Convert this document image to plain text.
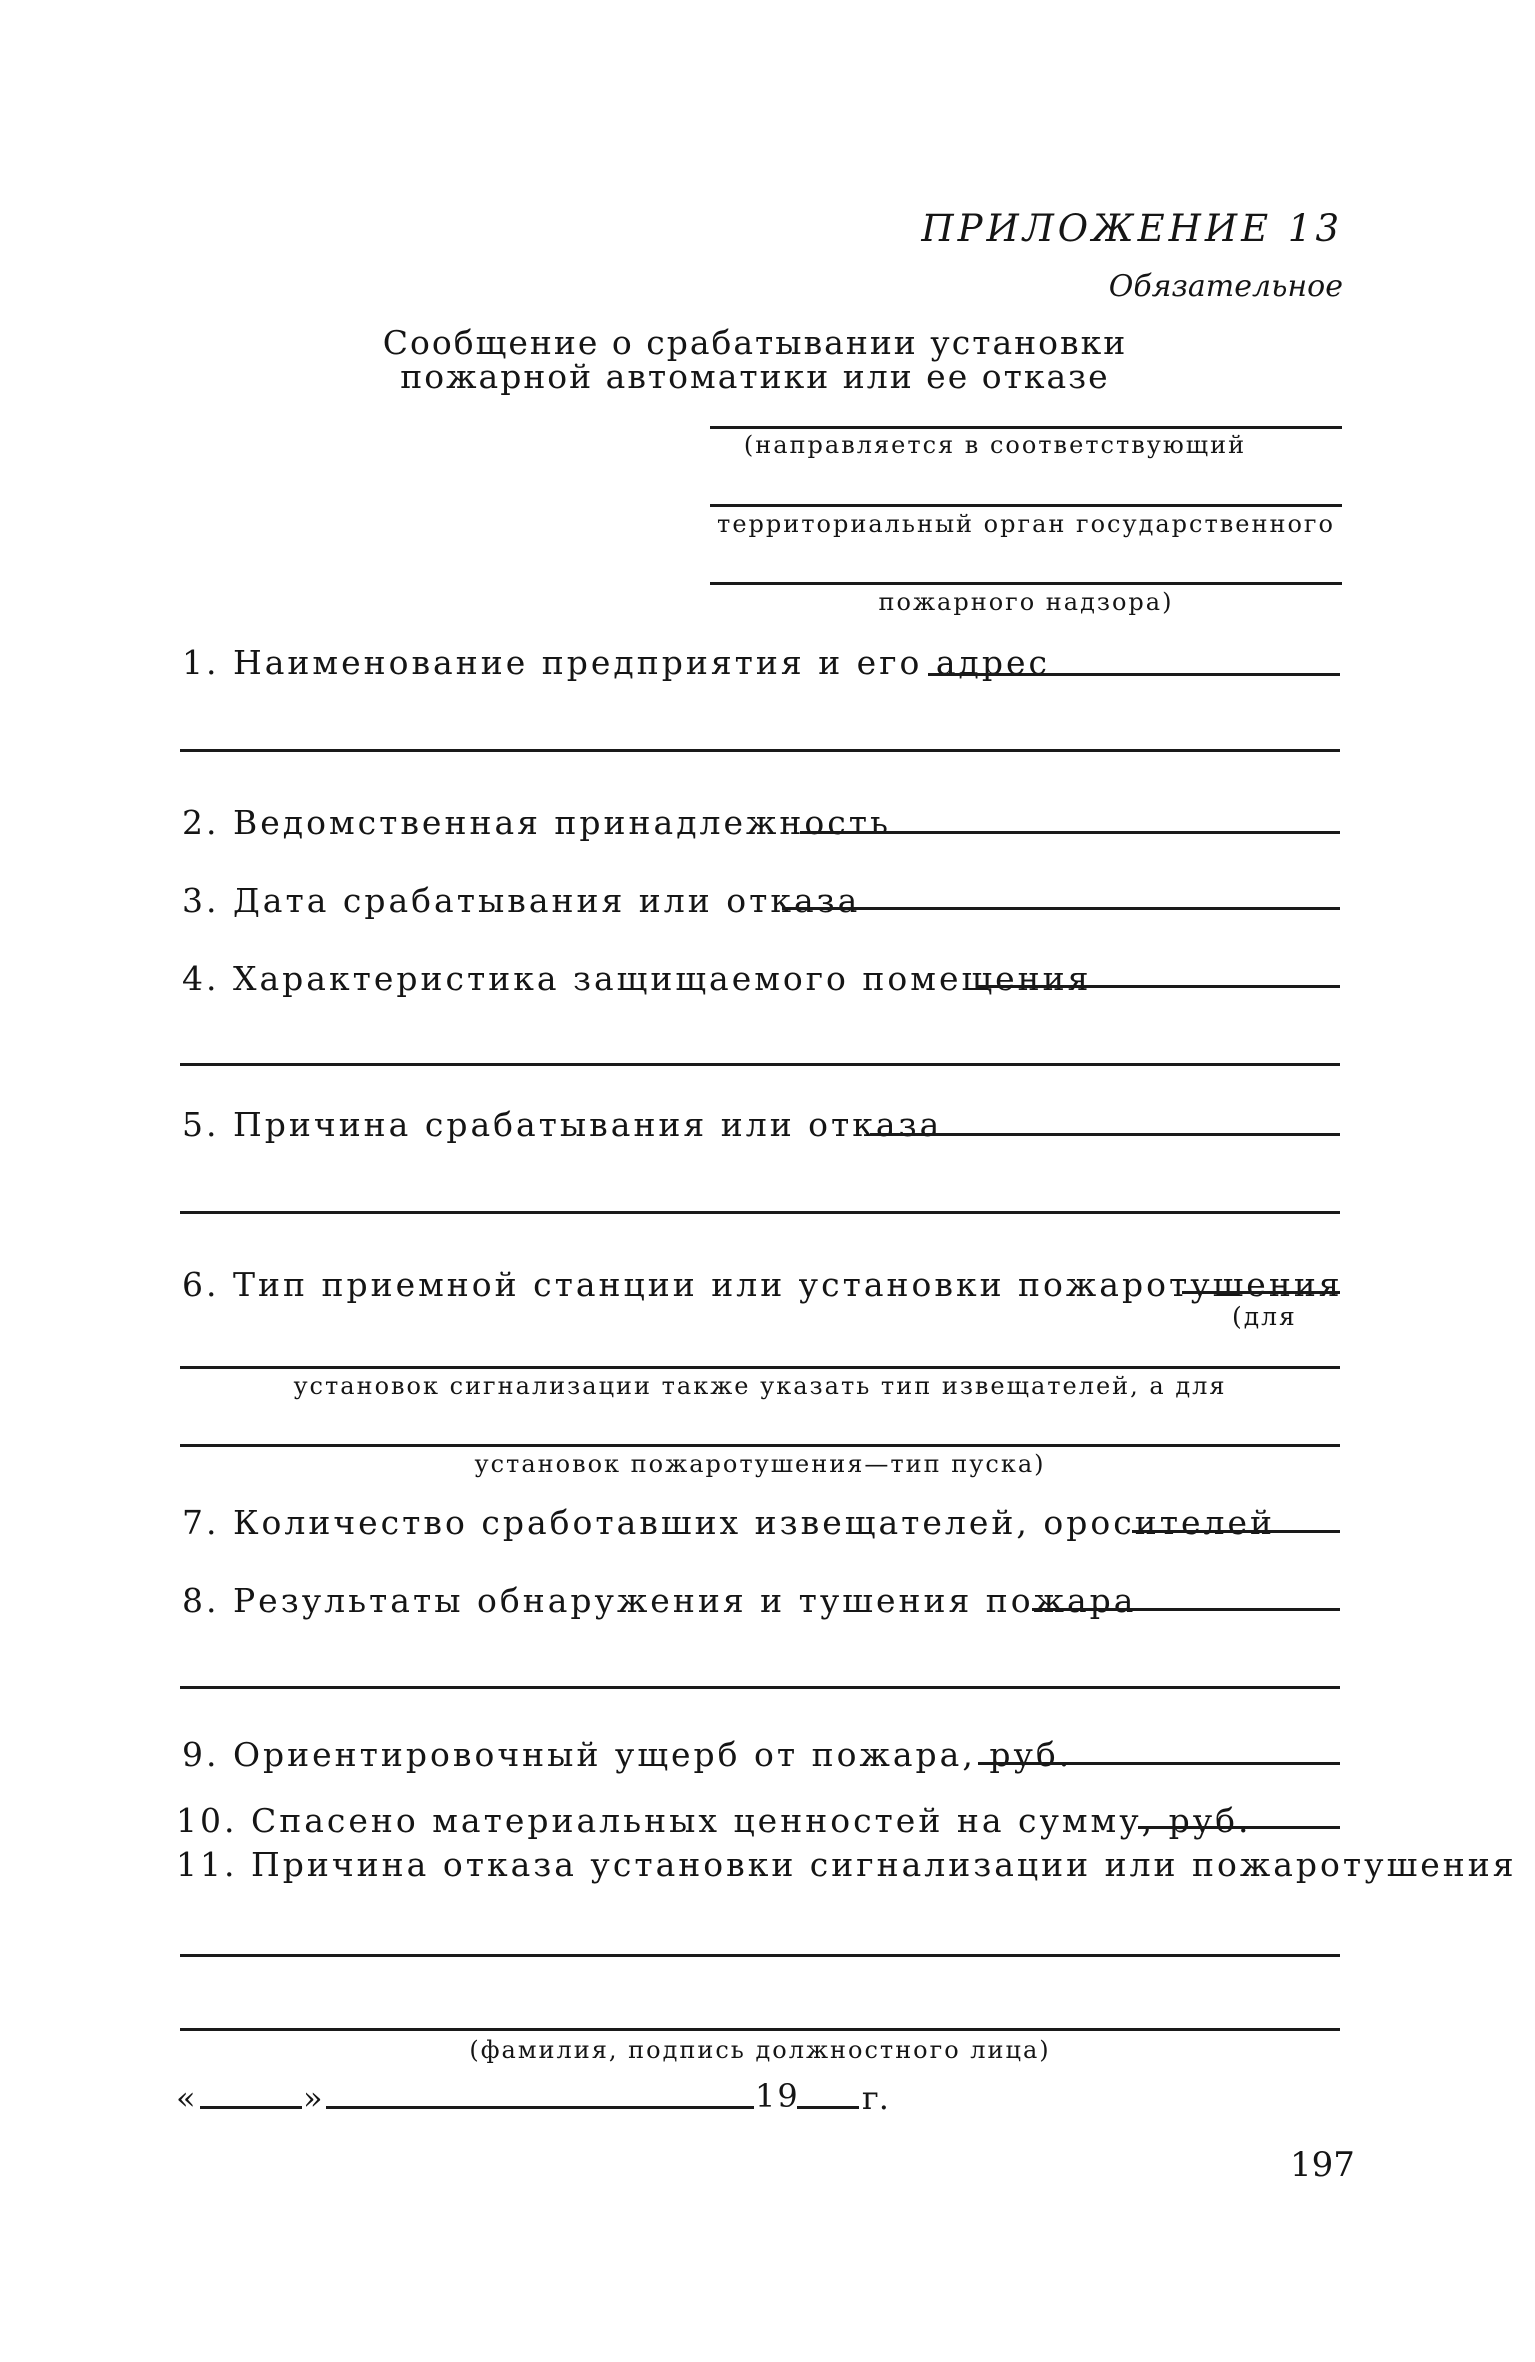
ПРИЛОЖЕНИЕ 13
Обязательное
Сообщение о срабатывании установки
пожарной автоматики или ее отказе
(направляется в соответствующий
территориальный орган государственного
пожарного надзора)
1. Наименование предприятия и его адрес
2. Ведомственная принадлежность
3. Дата срабатывания или отказа
4. Характеристика защищаемого помещения
5. Причина срабатывания или отказа
6. Тип приемной станции или установки пожаротушения
(для
установок сигнализации также указать тип извещателей, а для
установок пожаротушения—тип пуска)
7. Количество сработавших извещателей, оросителей
8. Результаты обнаружения и тушения пожара
9. Ориентировочный ущерб от пожара, руб.
10. Спасено материальных ценностей на сумму, руб.
11. Причина отказа установки сигнализации или пожаротушения
(фамилия, подпись должностного лица)
«	»	19 г.
197
